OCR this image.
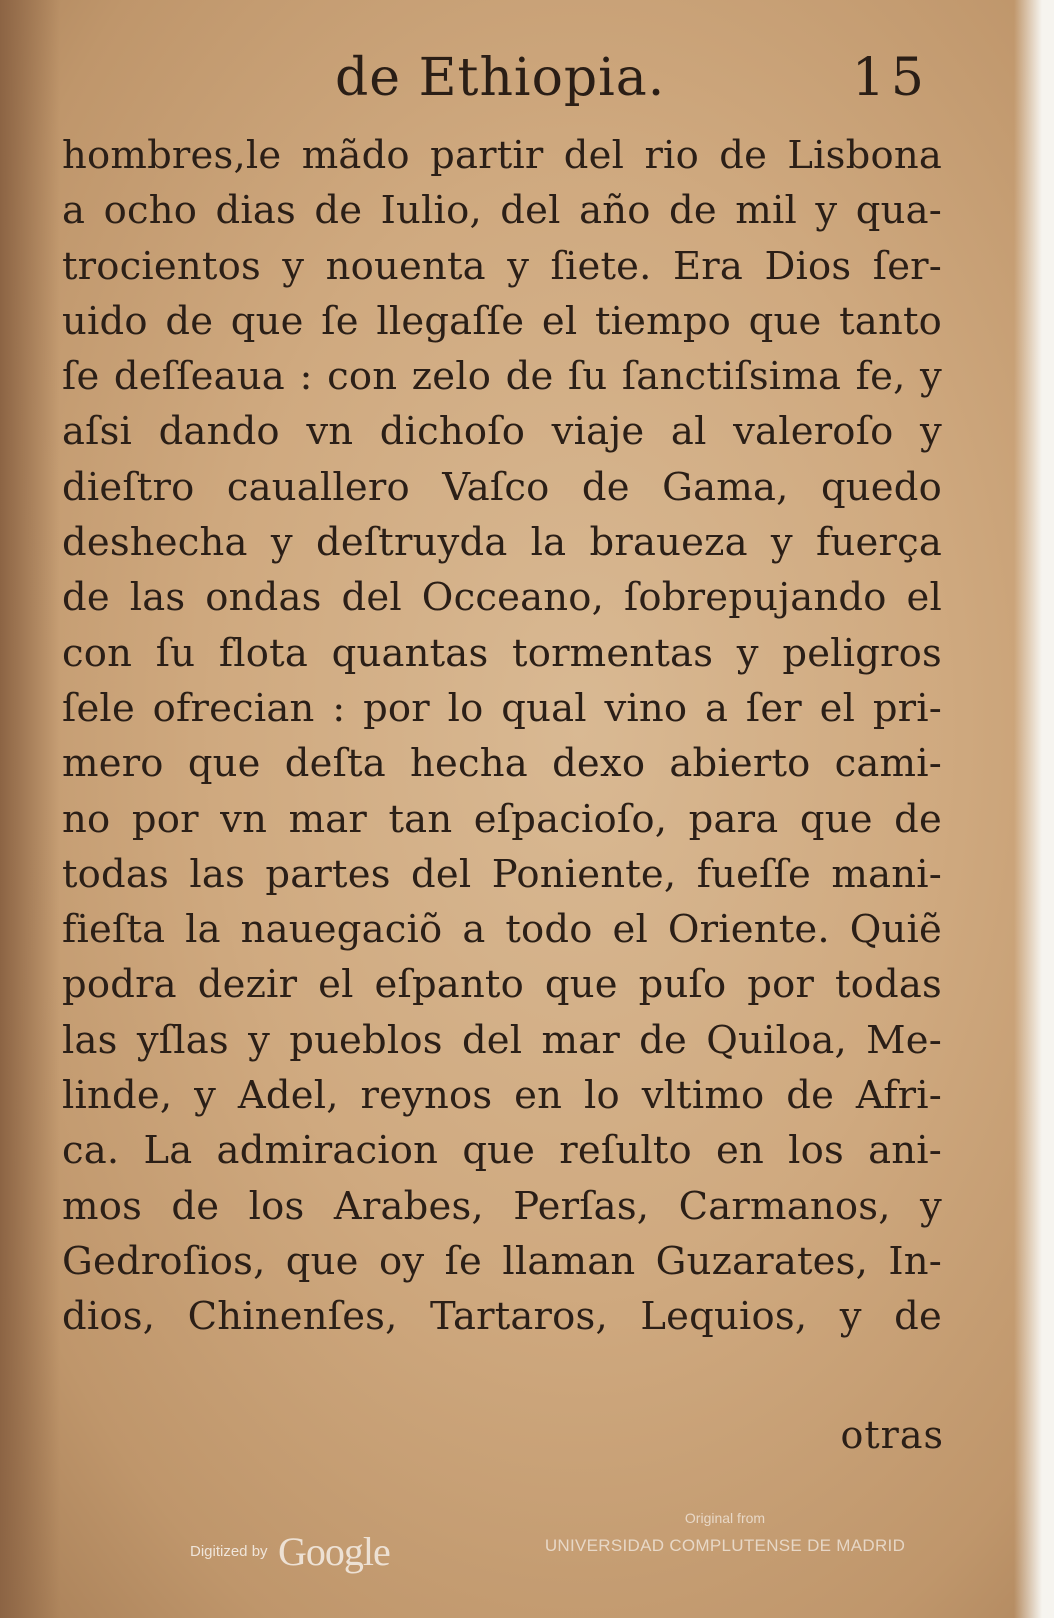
de Ethiopia.	15
hombres,le mãdo partir del rio de Lisbona
a ocho dias de Iulio, del año de mil y qua-
trocientos y nouenta y ſiete. Era Dios ſer-
uido de que ſe llegaſſe el tiempo que tanto
ſe deſſeaua : con zelo de ſu ſanctiſsima fe, y
aſsi dando vn dichoſo viaje al valeroſo y
dieſtro cauallero Vaſco de Gama, quedo
deshecha y deſtruyda la braueza y fuerça
de las ondas del Occeano, ſobrepujando el
con ſu flota quantas tormentas y peligros
ſele ofrecian : por lo qual vino a ſer el pri-
mero que deſta hecha dexo abierto cami-
no por vn mar tan eſpacioſo, para que de
todas las partes del Poniente, fueſſe mani-
fieſta la nauegaciõ a todo el Oriente. Quiẽ
podra dezir el eſpanto que puſo por todas
las yſlas y pueblos del mar de Quiloa, Me-
linde, y Adel, reynos en lo vltimo de Afri-
ca. La admiracion que reſulto en los ani-
mos de los Arabes, Perſas, Carmanos, y
Gedroſios, que oy ſe llaman Guzarates, In-
dios, Chinenſes, Tartaros, Lequios, y de
otras
Digitized by Google
Original from
UNIVERSIDAD COMPLUTENSE DE MADRID
